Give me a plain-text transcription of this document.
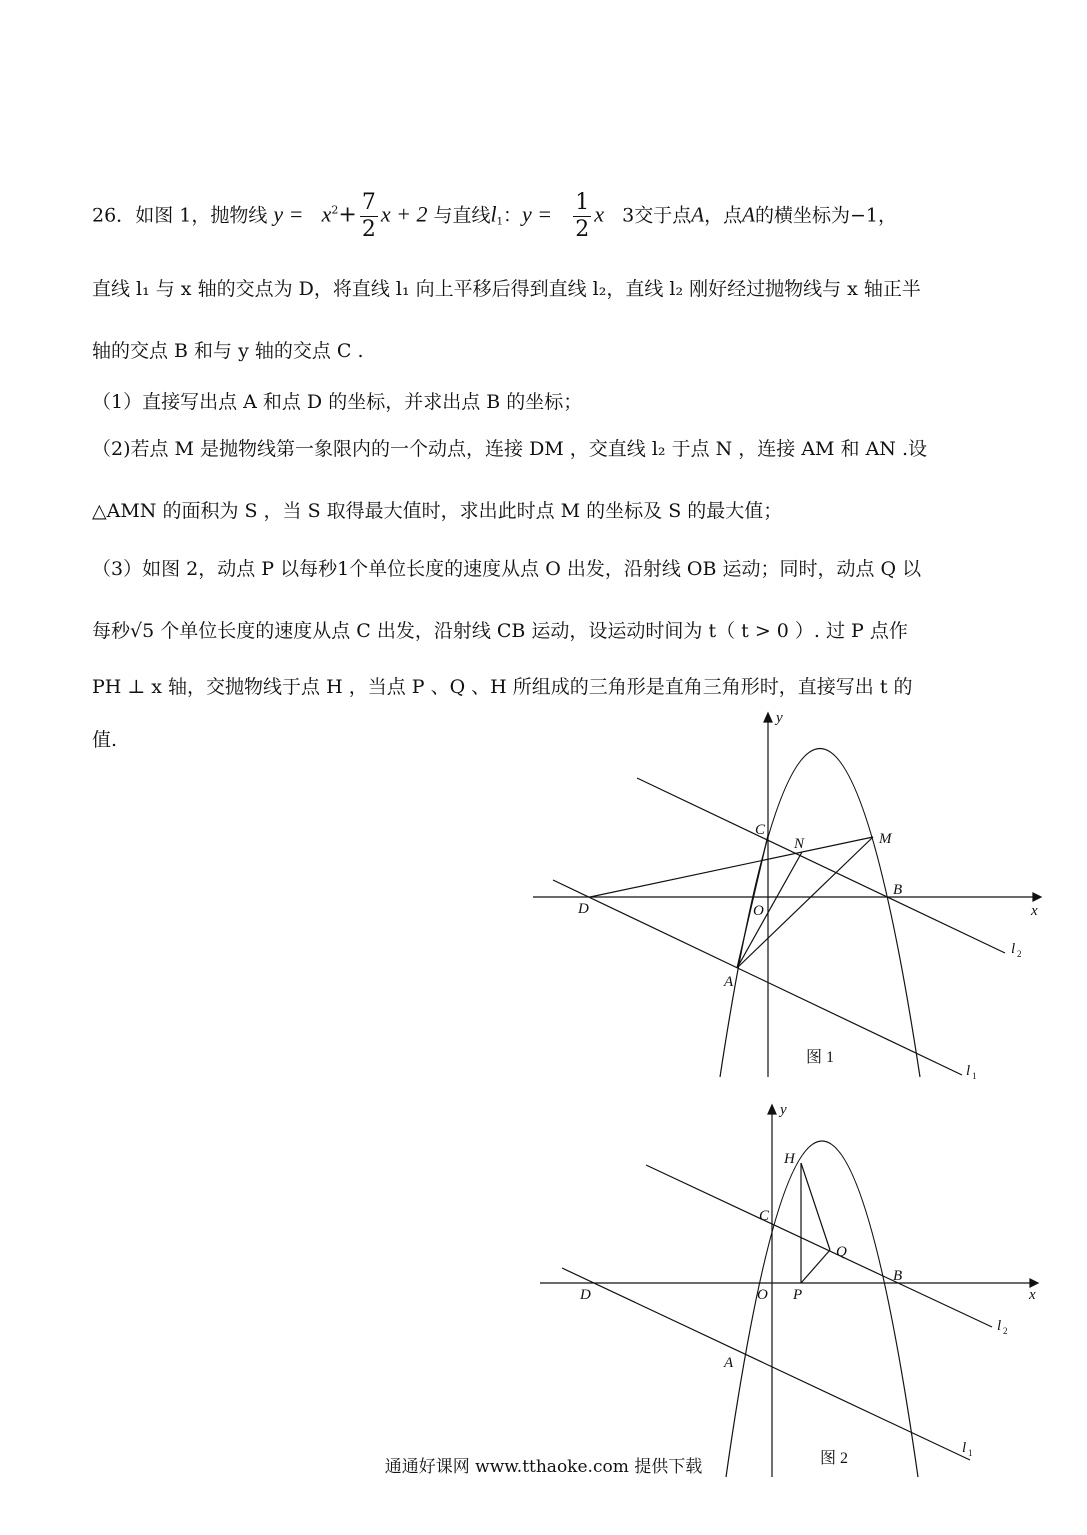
26．如图 1，抛物线 $y = x^2+ \frac{7}{2}$ x + 2 与直线$l_1$：$y = \frac{1}{2}$ x 3交于点A，点A的横坐标为−1，
直线 l₁ 与 x 轴的交点为 D，将直线 l₁ 向上平移后得到直线 l₂，直线 l₂ 刚好经过抛物线与 x 轴正半
轴的交点 B 和与 y 轴的交点 C .
（1）直接写出点 A 和点 D 的坐标，并求出点 B 的坐标；
（2)若点 M 是抛物线第一象限内的一个动点，连接 DM ，交直线 l₂ 于点 N ，连接 AM 和 AN .设
△AMN 的面积为 S ，当 S 取得最大值时，求出此时点 M 的坐标及 S 的最大值；
（3）如图 2，动点 P 以每秒1个单位长度的速度从点 O 出发，沿射线 OB 运动；同时，动点 Q 以
每秒√5 个单位长度的速度从点 C 出发，沿射线 CB 运动，设运动时间为 t（ t > 0 ）. 过 P 点作
PH ⊥ x 轴，交抛物线于点 H ，当点 P 、Q 、H 所组成的三角形是直角三角形时，直接写出 t 的
值.
y
C
N	M
B
D	O	x
A
l 2
l 1
图 1
y
H
C
Q
B
D	O P	x
A
l 2
l 1
图 2
通通好课网 www.tthaoke.com 提供下载
